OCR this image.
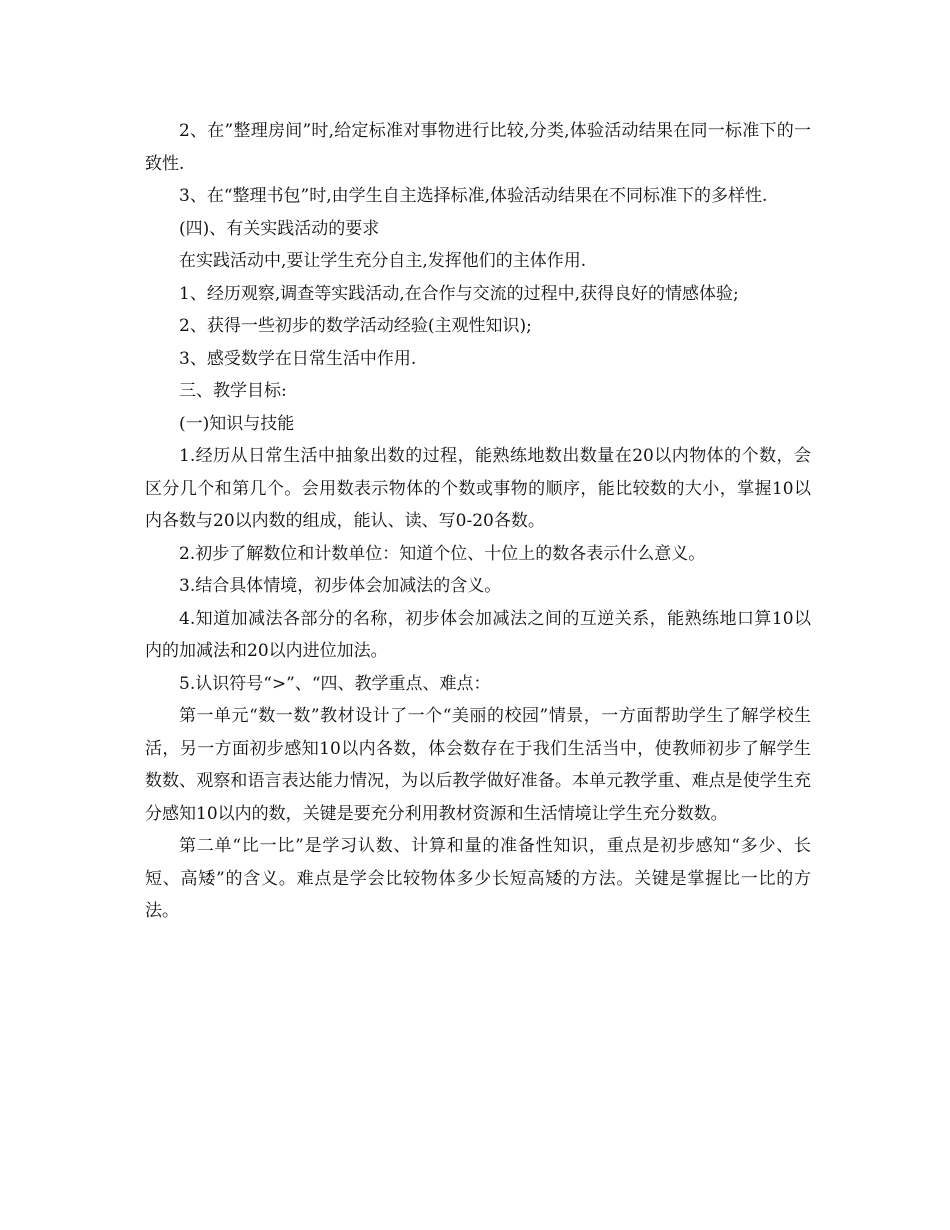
2、在”整理房间”时,给定标准对事物进行比较,分类,体验活动结果在同一标准下的一致性.

3、在“整理书包”时,由学生自主选择标准,体验活动结果在不同标准下的多样性.

(四)、有关实践活动的要求

在实践活动中,要让学生充分自主,发挥他们的主体作用.

1、经历观察,调查等实践活动,在合作与交流的过程中,获得良好的情感体验;

2、获得一些初步的数学活动经验(主观性知识);

3、感受数学在日常生活中作用.

三、教学目标:

(一)知识与技能

1.经历从日常生活中抽象出数的过程，能熟练地数出数量在20以内物体的个数，会区分几个和第几个。会用数表示物体的个数或事物的顺序，能比较数的大小，掌握10以内各数与20以内数的组成，能认、读、写0-20各数。

2.初步了解数位和计数单位：知道个位、十位上的数各表示什么意义。

3.结合具体情境，初步体会加减法的含义。

4.知道加减法各部分的名称，初步体会加减法之间的互逆关系，能熟练地口算10以内的加减法和20以内进位加法。

5.认识符号“>”、“四、教学重点、难点：

第一单元“数一数”教材设计了一个“美丽的校园”情景，一方面帮助学生了解学校生活，另一方面初步感知10以内各数，体会数存在于我们生活当中，使教师初步了解学生数数、观察和语言表达能力情况，为以后教学做好准备。本单元教学重、难点是使学生充分感知10以内的数，关键是要充分利用教材资源和生活情境让学生充分数数。

第二单“比一比”是学习认数、计算和量的准备性知识，重点是初步感知“多少、长短、高矮”的含义。难点是学会比较物体多少长短高矮的方法。关键是掌握比一比的方法。
